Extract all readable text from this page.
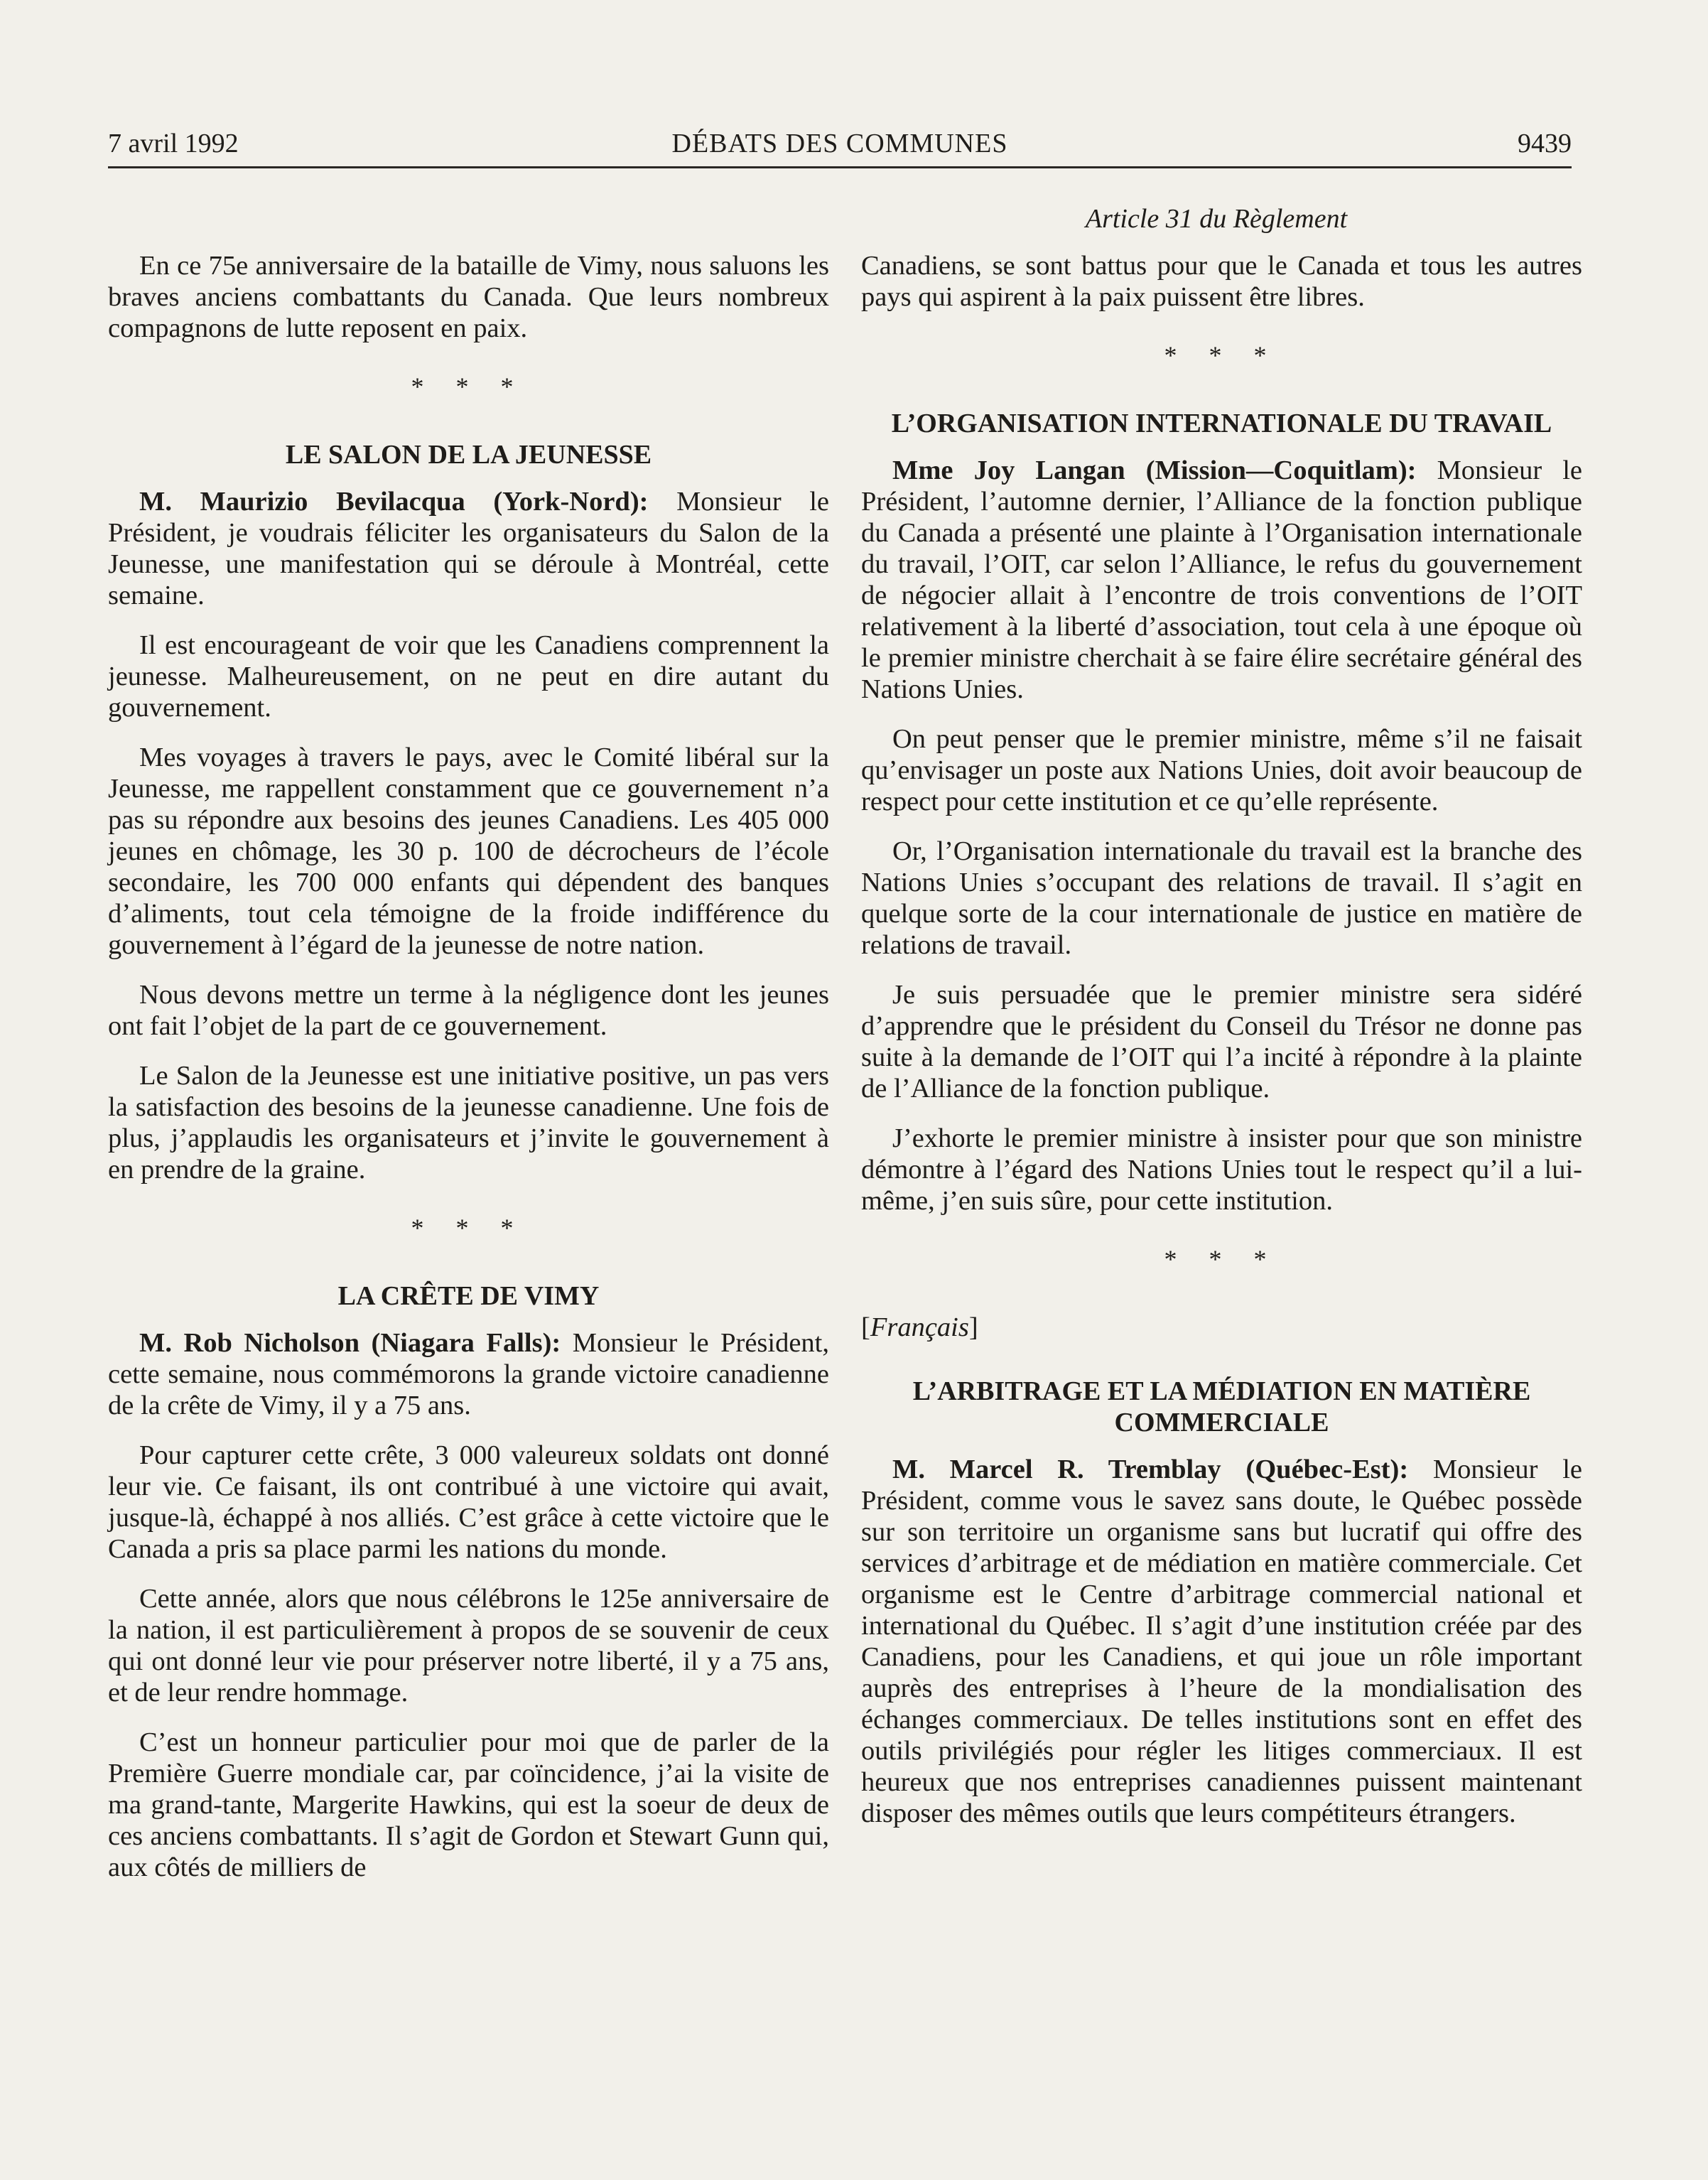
7 avril 1992	DÉBATS DES COMMUNES	9439
Article 31 du Règlement

En ce 75e anniversaire de la bataille de Vimy, nous saluons les braves anciens combattants du Canada. Que leurs nombreux compagnons de lutte reposent en paix.

* * *
LE SALON DE LA JEUNESSE

M. Maurizio Bevilacqua (York-Nord): Monsieur le Président, je voudrais féliciter les organisateurs du Salon de la Jeunesse, une manifestation qui se déroule à Montréal, cette semaine.

Il est encourageant de voir que les Canadiens comprennent la jeunesse. Malheureusement, on ne peut en dire autant du gouvernement.

Mes voyages à travers le pays, avec le Comité libéral sur la Jeunesse, me rappellent constamment que ce gouvernement n’a pas su répondre aux besoins des jeunes Canadiens. Les 405 000 jeunes en chômage, les 30 p. 100 de décrocheurs de l’école secondaire, les 700 000 enfants qui dépendent des banques d’aliments, tout cela témoigne de la froide indifférence du gouvernement à l’égard de la jeunesse de notre nation.

Nous devons mettre un terme à la négligence dont les jeunes ont fait l’objet de la part de ce gouvernement.

Le Salon de la Jeunesse est une initiative positive, un pas vers la satisfaction des besoins de la jeunesse canadienne. Une fois de plus, j’applaudis les organisateurs et j’invite le gouvernement à en prendre de la graine.

* * *
LA CRÊTE DE VIMY

M. Rob Nicholson (Niagara Falls): Monsieur le Président, cette semaine, nous commémorons la grande victoire canadienne de la crête de Vimy, il y a 75 ans.

Pour capturer cette crête, 3 000 valeureux soldats ont donné leur vie. Ce faisant, ils ont contribué à une victoire qui avait, jusque-là, échappé à nos alliés. C’est grâce à cette victoire que le Canada a pris sa place parmi les nations du monde.

Cette année, alors que nous célébrons le 125e anniversaire de la nation, il est particulièrement à propos de se souvenir de ceux qui ont donné leur vie pour préserver notre liberté, il y a 75 ans, et de leur rendre hommage.

C’est un honneur particulier pour moi que de parler de la Première Guerre mondiale car, par coïncidence, j’ai la visite de ma grand-tante, Margerite Hawkins, qui est la soeur de deux de ces anciens combattants. Il s’agit de Gordon et Stewart Gunn qui, aux côtés de milliers de

Canadiens, se sont battus pour que le Canada et tous les autres pays qui aspirent à la paix puissent être libres.

* * *
L’ORGANISATION INTERNATIONALE DU TRAVAIL

Mme Joy Langan (Mission—Coquitlam): Monsieur le Président, l’automne dernier, l’Alliance de la fonction publique du Canada a présenté une plainte à l’Organisation internationale du travail, l’OIT, car selon l’Alliance, le refus du gouvernement de négocier allait à l’encontre de trois conventions de l’OIT relativement à la liberté d’association, tout cela à une époque où le premier ministre cherchait à se faire élire secrétaire général des Nations Unies.

On peut penser que le premier ministre, même s’il ne faisait qu’envisager un poste aux Nations Unies, doit avoir beaucoup de respect pour cette institution et ce qu’elle représente.

Or, l’Organisation internationale du travail est la branche des Nations Unies s’occupant des relations de travail. Il s’agit en quelque sorte de la cour internationale de justice en matière de relations de travail.

Je suis persuadée que le premier ministre sera sidéré d’apprendre que le président du Conseil du Trésor ne donne pas suite à la demande de l’OIT qui l’a incité à répondre à la plainte de l’Alliance de la fonction publique.

J’exhorte le premier ministre à insister pour que son ministre démontre à l’égard des Nations Unies tout le respect qu’il a lui-même, j’en suis sûre, pour cette institution.

* * *
[Français]
L’ARBITRAGE ET LA MÉDIATION EN MATIÈRE COMMERCIALE

M. Marcel R. Tremblay (Québec-Est): Monsieur le Président, comme vous le savez sans doute, le Québec possède sur son territoire un organisme sans but lucratif qui offre des services d’arbitrage et de médiation en matière commerciale. Cet organisme est le Centre d’arbitrage commercial national et international du Québec. Il s’agit d’une institution créée par des Canadiens, pour les Canadiens, et qui joue un rôle important auprès des entreprises à l’heure de la mondialisation des échanges commerciaux. De telles institutions sont en effet des outils privilégiés pour régler les litiges commerciaux. Il est heureux que nos entreprises canadiennes puissent maintenant disposer des mêmes outils que leurs compétiteurs étrangers.
